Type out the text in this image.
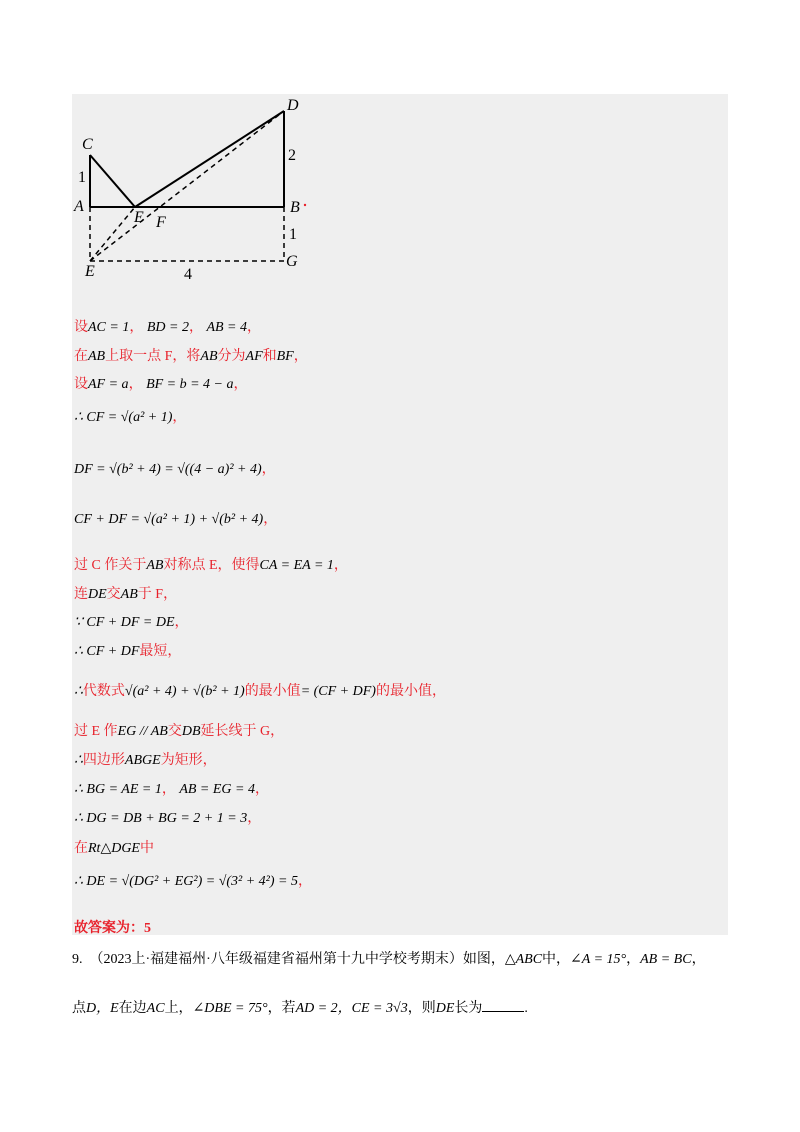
D
2
C
1
A
E F
B
1
E	4
G
设AC = 1， BD = 2， AB = 4，
在AB上取一点 F，将AB分为AF和BF，
设AF = a， BF = b = 4 − a，
∴ CF = √(a² + 1)，
DF = √(b² + 4) = √((4 − a)² + 4)，
CF + DF = √(a² + 1) + √(b² + 4)，
过 C 作关于AB对称点 E，使得CA = EA = 1，
连DE交AB于 F，
∵ CF + DF = DE，
∴ CF + DF最短，
∴代数式√(a² + 4) + √(b² + 1)的最小值= (CF + DF)的最小值，
过 E 作EG // AB交DB延长线于 G，
∴四边形ABGE为矩形，
∴ BG = AE = 1， AB = EG = 4，
∴ DG = DB + BG = 2 + 1 = 3，
在Rt△DGE中
∴ DE = √(DG² + EG²) = √(3² + 4²) = 5，
故答案为：5
9. （2023上·福建福州·八年级福建省福州第十九中学校考期末）如图，△ABC中，∠A = 15°，AB = BC，
点D，E在边AC上，∠DBE = 75°，若AD = 2，CE = 3√3，则DE长为	.
